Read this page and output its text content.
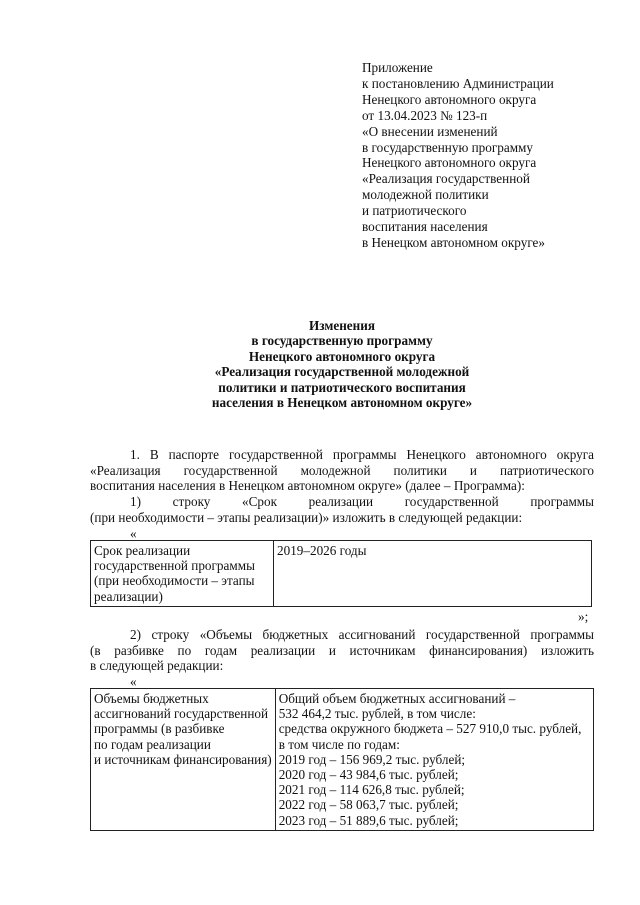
Приложение
к постановлению Администрации
Ненецкого автономного округа
от 13.04.2023 № 123-п
«О внесении изменений
в государственную программу
Ненецкого автономного округа
«Реализация государственной
молодежной политики
и патриотического
воспитания населения
в Ненецком автономном округе»
Изменения
в государственную программу
Ненецкого автономного округа
«Реализация государственной молодежной
политики и патриотического воспитания
населения в Ненецком автономном округе»
1. В паспорте государственной программы Ненецкого автономного округа
«Реализация государственной молодежной политики и патриотического
воспитания населения в Ненецком автономном округе» (далее – Программа):
1) строку «Срок реализации государственной программы
(при необходимости – этапы реализации)» изложить в следующей редакции:
«
Срок реализации
государственной программы
(при необходимости – этапы
реализации)

2019–2026 годы
»;
2) строку «Объемы бюджетных ассигнований государственной программы
(в разбивке по годам реализации и источникам финансирования) изложить
в следующей редакции:
«
Объемы бюджетных
ассигнований государственной
программы (в разбивке
по годам реализации
и источникам финансирования)

Общий объем бюджетных ассигнований –
532 464,2 тыс. рублей, в том числе:
средства окружного бюджета – 527 910,0 тыс. рублей,
в том числе по годам:
2019 год – 156 969,2 тыс. рублей;
2020 год – 43 984,6 тыс. рублей;
2021 год – 114 626,8 тыс. рублей;
2022 год – 58 063,7 тыс. рублей;
2023 год – 51 889,6 тыс. рублей;
